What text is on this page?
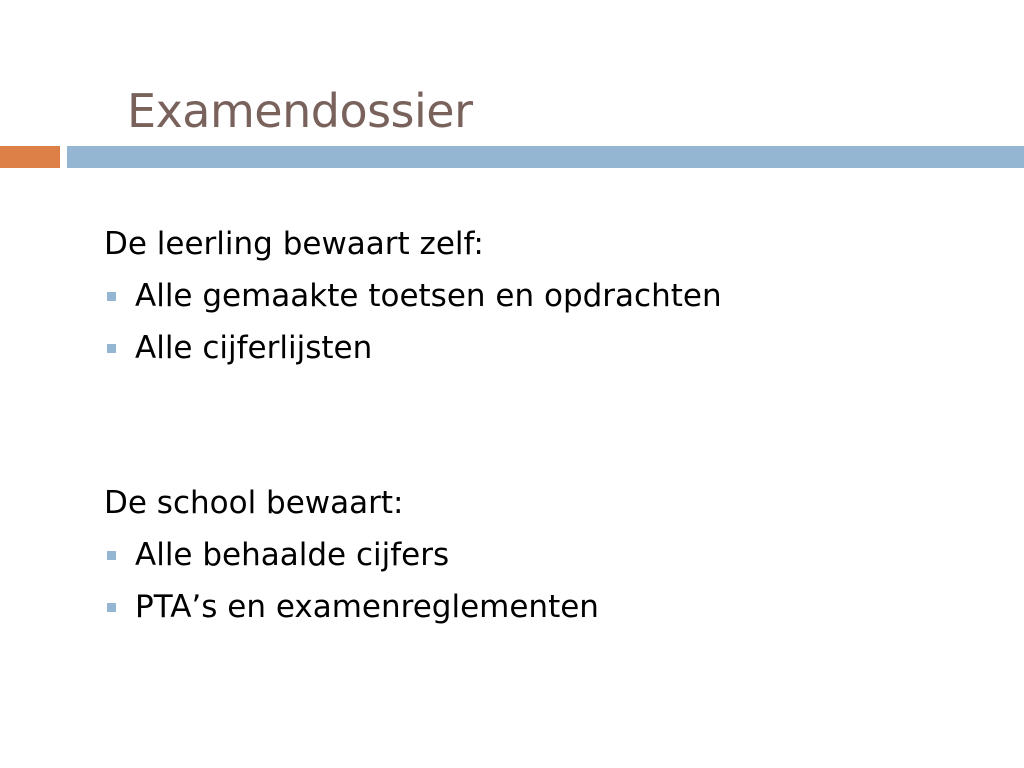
Examendossier
De leerling bewaart zelf:
Alle gemaakte toetsen en opdrachten
Alle cijferlijsten
De school bewaart:
Alle behaalde cijfers
PTA’s en examenreglementen
